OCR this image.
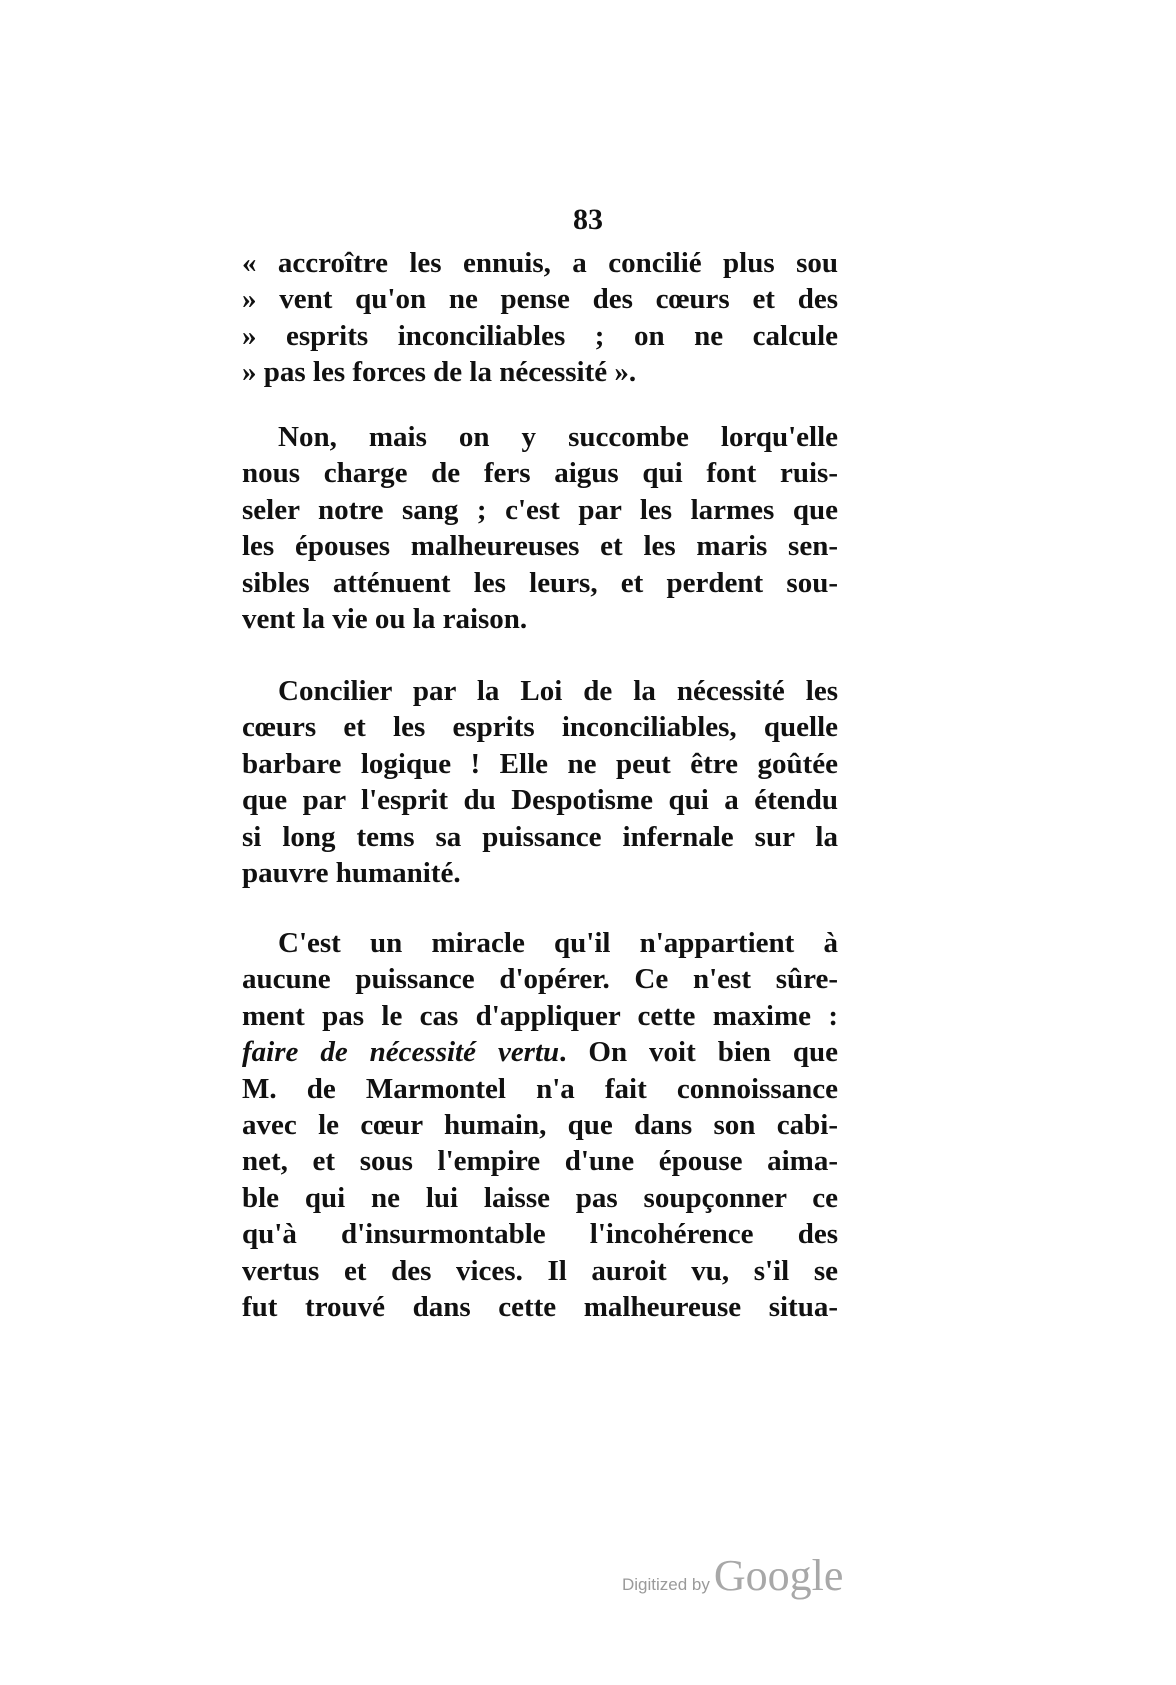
83
« accroître les ennuis, a concilié plus sou
» vent qu'on ne pense des cœurs et des
» esprits inconciliables ; on ne calcule
» pas les forces de la nécessité ».
Non, mais on y succombe lorqu'elle
nous charge de fers aigus qui font ruis-
seler notre sang ; c'est par les larmes que
les épouses malheureuses et les maris sen-
sibles atténuent les leurs, et perdent sou-
vent la vie ou la raison.
Concilier par la Loi de la nécessité les
cœurs et les esprits inconciliables, quelle
barbare logique ! Elle ne peut être goûtée
que par l'esprit du Despotisme qui a étendu
si long tems sa puissance infernale sur la
pauvre humanité.
C'est un miracle qu'il n'appartient à
aucune puissance d'opérer. Ce n'est sûre-
ment pas le cas d'appliquer cette maxime :
faire de nécessité vertu. On voit bien que
M. de Marmontel n'a fait connoissance
avec le cœur humain, que dans son cabi-
net, et sous l'empire d'une épouse aima-
ble qui ne lui laisse pas soupçonner ce
qu'à d'insurmontable l'incohérence des
vertus et des vices. Il auroit vu, s'il se
fut trouvé dans cette malheureuse situa-
Digitized byGoogle
